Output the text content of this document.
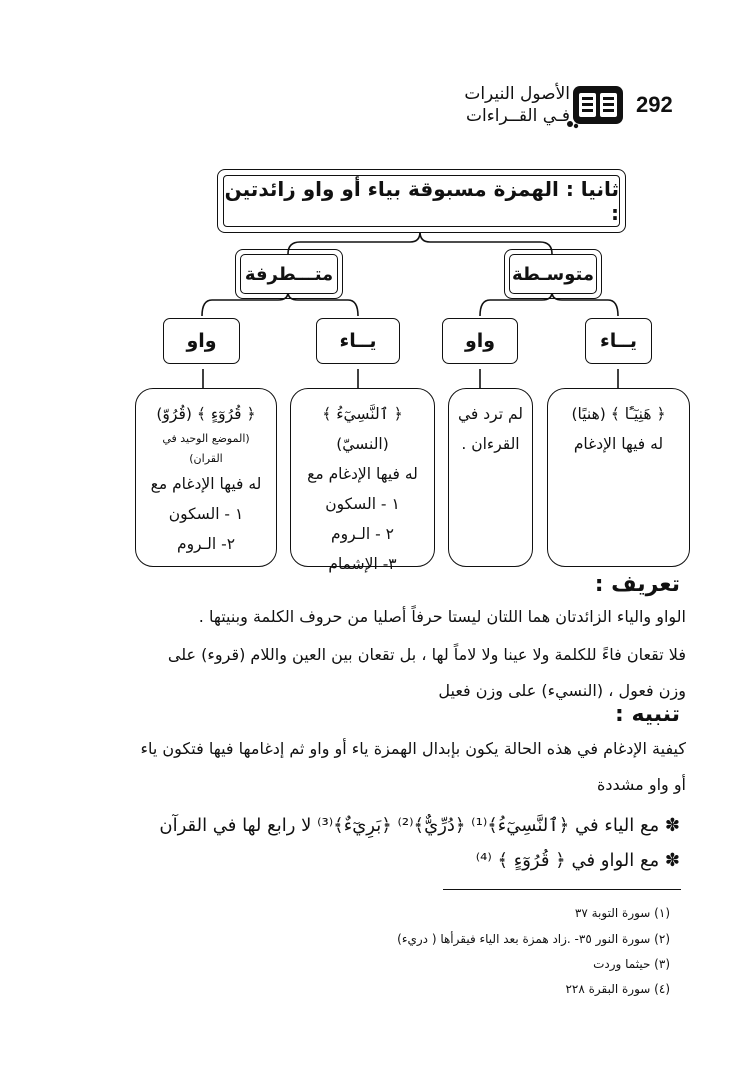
292
الأصول النيرات
فـي القــراءات
ثانيا : الهمزة مسبوقة بياء أو واو زائدتين :
متوسـطة
متـــطرفة
يــاء
واو
يــاء
واو
﴿ هَنِيٓـًٔا ﴾ (هنيًا)
له فيها الإدغام
لم ترد في
القرءان .
﴿ ٱلنَّسِيٓءُ ﴾ (النسيّ)
له فيها الإدغام مع
١ - السكون
٢ - الـروم
٣- الإشمام
﴿ قُرُوٓءٍ ﴾ (قُرُوّ)
(الموضع الوحيد في القران)
له فيها الإدغام مع
١ - السكون
٢- الـروم
تعريف :
الواو والياء الزائدتان هما اللتان ليستا حرفاً أصليا من حروف الكلمة وبنيتها .
فلا تقعان فاءً للكلمة ولا عينا ولا لاماً لها ، بل تقعان بين العين واللام (قروء) على
وزن فعول ، (النسيء) على وزن فعيل
تنبيه :
كيفية الإدغام في هذه الحالة يكون بإبدال الهمزة ياء أو واو ثم إدغامها فيها فتكون ياء
أو واو مشددة
✽ مع الياء في ﴿ٱلنَّسِيٓءُ﴾⁽¹⁾ ﴿دُرِّيٌّ﴾⁽²⁾ ﴿بَرِيٓءٌ﴾⁽³⁾ لا رابع لها في القرآن
✽ مع الواو في ﴿ قُرُوٓءٍ ﴾ ⁽⁴⁾
(١) سورة التوبة ٣٧
(٢) سورة النور ٣٥- .زاد همزة بعد الياء فيقرأها ( دريء)
(٣) حيثما وردت
(٤) سورة البقرة ٢٢٨
